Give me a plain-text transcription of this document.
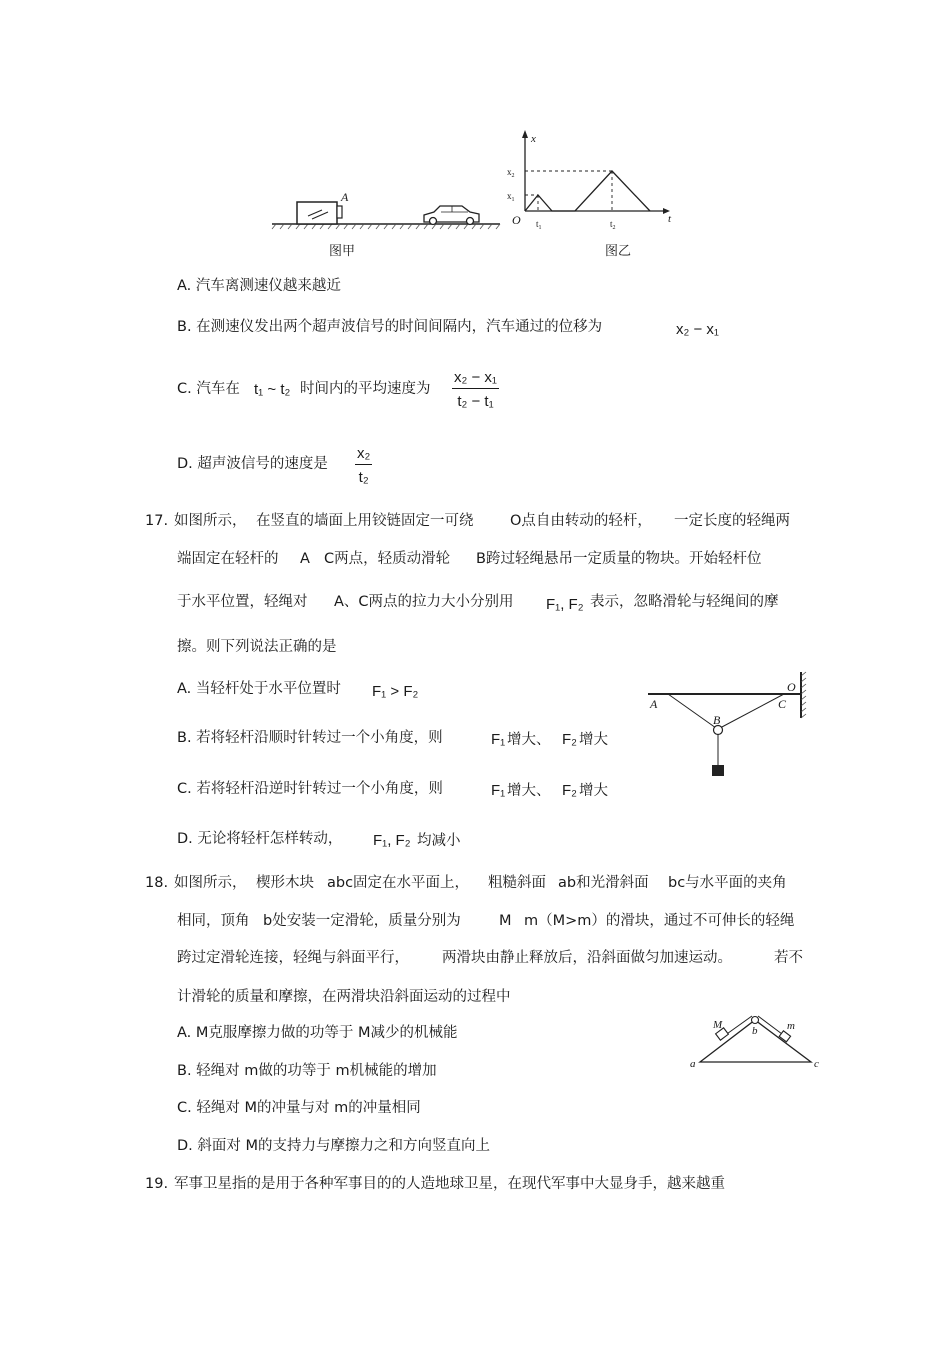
A
图甲
x
t
O
$x_2$
$x_1$
$t_1$	$t_2$
图乙
A. 汽车离测速仪越来越近
B. 在测速仪发出两个超声波信号的时间间隔内，汽车通过的位移为	x₂ − x₁
C. 汽车在 t₁ ~ t₂ 时间内的平均速度为 $\frac{\text{x₂ − x₁}}{\text{t₂ − t₁}}$
D. 超声波信号的速度是 $\frac{\text{x₂}}{\text{t₂}}$
17. 如图所示， 在竖直的墙面上用铰链固定一可绕	O点自由转动的轻杆， 一定长度的轻绳两
端固定在轻杆的 A C两点，轻质动滑轮 B跨过轻绳悬吊一定质量的物块。开始轻杆位
于水平位置，轻绳对 A、C两点的拉力大小分别用 F₁, F₂ 表示，忽略滑轮与轻绳间的摩
擦。则下列说法正确的是
A. 当轻杆处于水平位置时 F₁ > F₂
B. 若将轻杆沿顺时针转过一个小角度，则	F₁ 增大、 F₂ 增大
C. 若将轻杆沿逆时针转过一个小角度，则	F₁ 增大、 F₂ 增大
D. 无论将轻杆怎样转动， F₁, F₂ 均减小
O
A
B
C
18. 如图所示， 楔形木块 abc固定在水平面上， 粗糙斜面 ab和光滑斜面 bc与水平面的夹角
相同，顶角 b处安装一定滑轮，质量分别为	M m（M>m）的滑块，通过不可伸长的轻绳
跨过定滑轮连接，轻绳与斜面平行， 两滑块由静止释放后，沿斜面做匀加速运动。	若不
计滑轮的质量和摩擦，在两滑块沿斜面运动的过程中
A. M克服摩擦力做的功等于 M减少的机械能
B. 轻绳对 m做的功等于 m机械能的增加
C. 轻绳对 M的冲量与对 m的冲量相同
D. 斜面对 M的支持力与摩擦力之和方向竖直向上
M	b	m
a	c
19. 军事卫星指的是用于各种军事目的的人造地球卫星，在现代军事中大显身手，越来越重
